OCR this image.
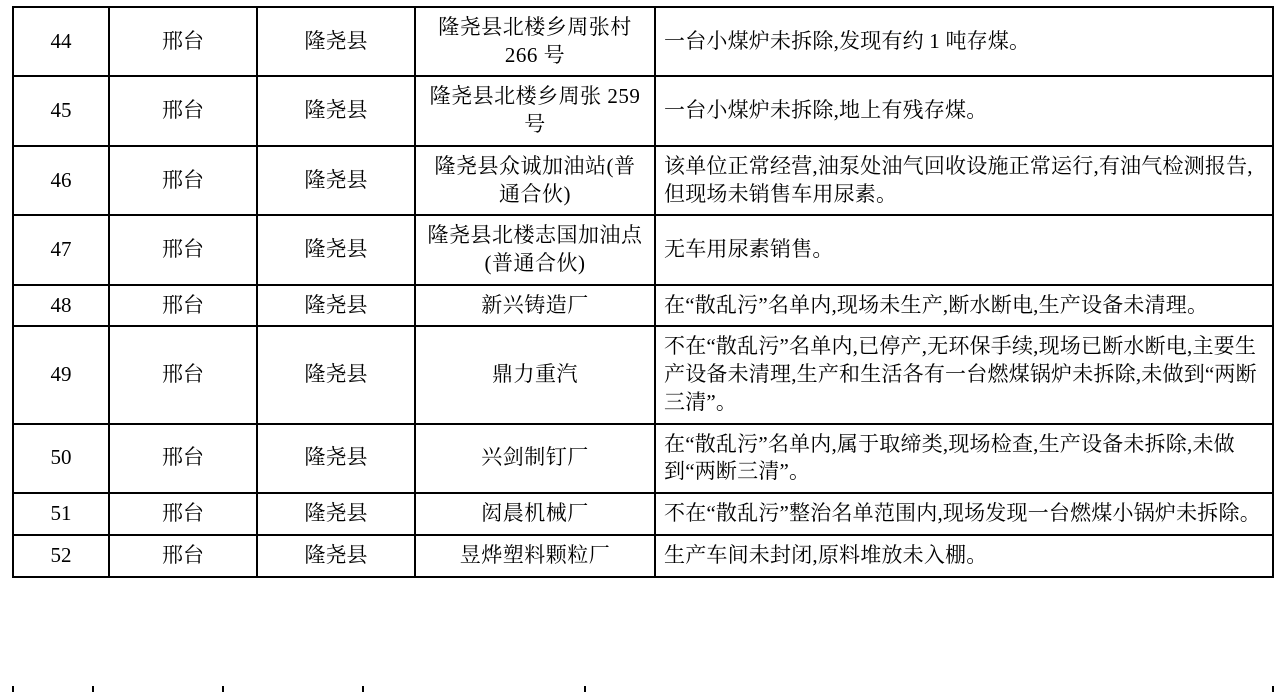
44	邢台	隆尧县	隆尧县北楼乡周张村 266 号	一台小煤炉未拆除,发现有约 1 吨存煤。

45	邢台	隆尧县	隆尧县北楼乡周张 259 号	一台小煤炉未拆除,地上有残存煤。

46	邢台	隆尧县	隆尧县众诚加油站(普通合伙)	该单位正常经营,油泵处油气回收设施正常运行,有油气检测报告,但现场未销售车用尿素。

47	邢台	隆尧县	隆尧县北楼志国加油点(普通合伙)	无车用尿素销售。

48	邢台	隆尧县	新兴铸造厂	在“散乱污”名单内,现场未生产,断水断电,生产设备未清理。

49	邢台	隆尧县	鼎力重汽	不在“散乱污”名单内,已停产,无环保手续,现场已断水断电,主要生产设备未清理,生产和生活各有一台燃煤锅炉未拆除,未做到“两断三清”。

50	邢台	隆尧县	兴剑制钉厂	在“散乱污”名单内,属于取缔类,现场检查,生产设备未拆除,未做到“两断三清”。

51	邢台	隆尧县	闳晨机械厂	不在“散乱污”整治名单范围内,现场发现一台燃煤小锅炉未拆除。

52	邢台	隆尧县	昱烨塑料颗粒厂	生产车间未封闭,原料堆放未入棚。
